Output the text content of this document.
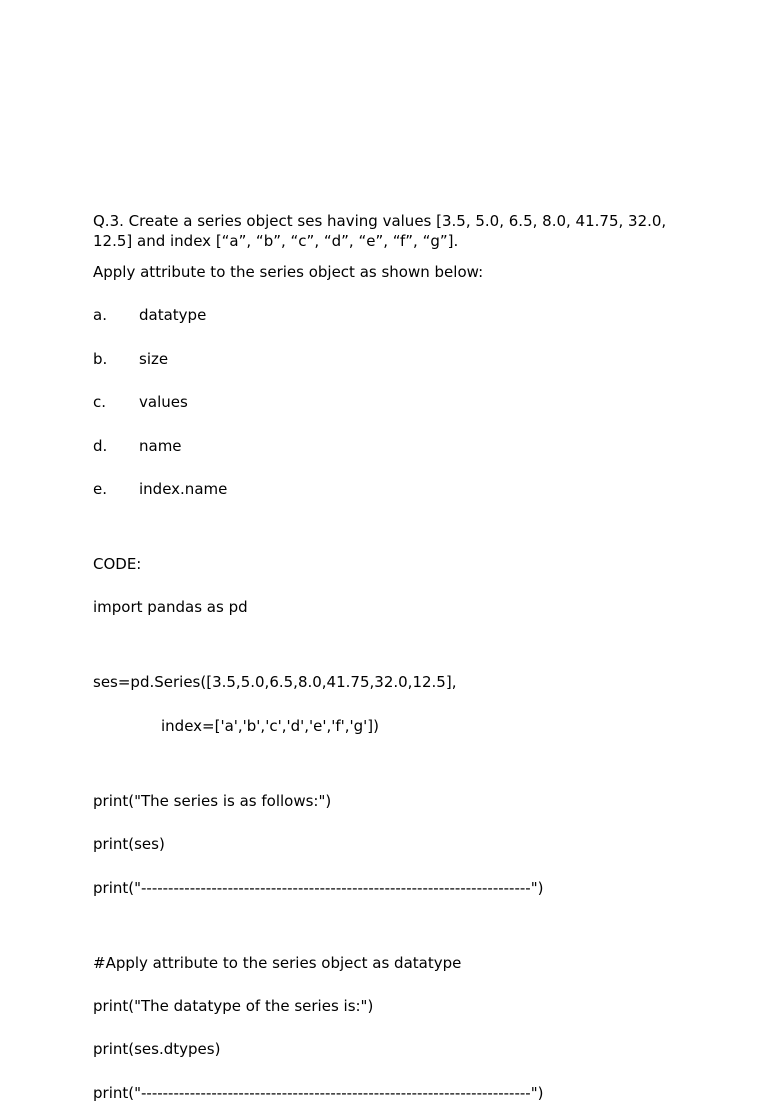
Q.3. Create a series object ses having values [3.5, 5.0, 6.5, 8.0, 41.75, 32.0, 12.5] and index [“a”, “b”, “c”, “d”, “e”, “f”, “g”].

Apply attribute to the series object as shown below:

a.	datatype
b.	size
c.	values
d.	name
e.	index.name

CODE:

import pandas as pd

ses=pd.Series([3.5,5.0,6.5,8.0,41.75,32.0,12.5],

index=['a','b','c','d','e','f','g'])

print("The series is as follows:")

print(ses)

print("------------------------------------------------------------------------")

#Apply attribute to the series object as datatype

print("The datatype of the series is:")

print(ses.dtypes)

print("------------------------------------------------------------------------")
